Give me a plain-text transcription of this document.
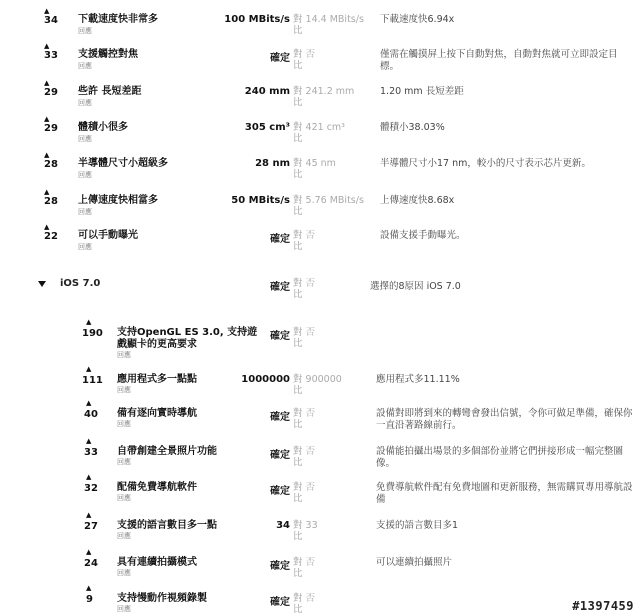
▲
34 下載速度快非常多
回應
100 MBits/s 對 14.4 MBits/s
比
下載速度快6.94x
▲
33 支援觸控對焦
回應
確定 對 否
比
僅需在觸摸屏上按下自動對焦，自動對焦就可立即設定目標。
▲
29 些許 長短差距
回應
240 mm 對 241.2 mm
比
1.20 mm 長短差距
▲
29 體積小很多
回應
305 cm³ 對 421 cm³
比
體積小38.03%
▲
28 半導體尺寸小超級多
回應
28 nm 對 45 nm
比
半導體尺寸小17 nm，較小的尺寸表示芯片更新。
▲
28 上傳速度快相當多
回應
50 MBits/s 對 5.76 MBits/s
比
上傳速度快8.68x
▲
22 可以手動曝光
回應
確定 對 否
比
設備支援手動曝光。
iOS 7.0	確定 對 否
比
選擇的8原因 iOS 7.0
▲
190 支持OpenGL ES 3.0, 支持遊戲顯卡的更高要求
回應
確定 對 否
比
▲
111 應用程式多一點點
回應
1000000 對 900000
比
應用程式多11.11%
▲
40 備有逐向實時導航
回應
確定 對 否
比
設備對即將到來的轉彎會發出信號，令你可做足準備，確保你一直沿著路線前行。
▲
33 自帶創建全景照片功能
回應
確定 對 否
比
設備能拍攝出場景的多個部份並將它們拼接形成一幅完整圖像。
▲
32 配備免費導航軟件
回應
確定 對 否
比
免費導航軟件配有免費地圖和更新服務，無需購買專用導航設備
▲
27 支援的語言數目多一點
回應
34 對 33
比
支援的語言數目多1
▲
24 具有連續拍攝模式
回應
確定 對 否
比
可以連續拍攝照片
▲
9 支持慢動作視頻錄製
回應
確定 對 否
比	#1397459
